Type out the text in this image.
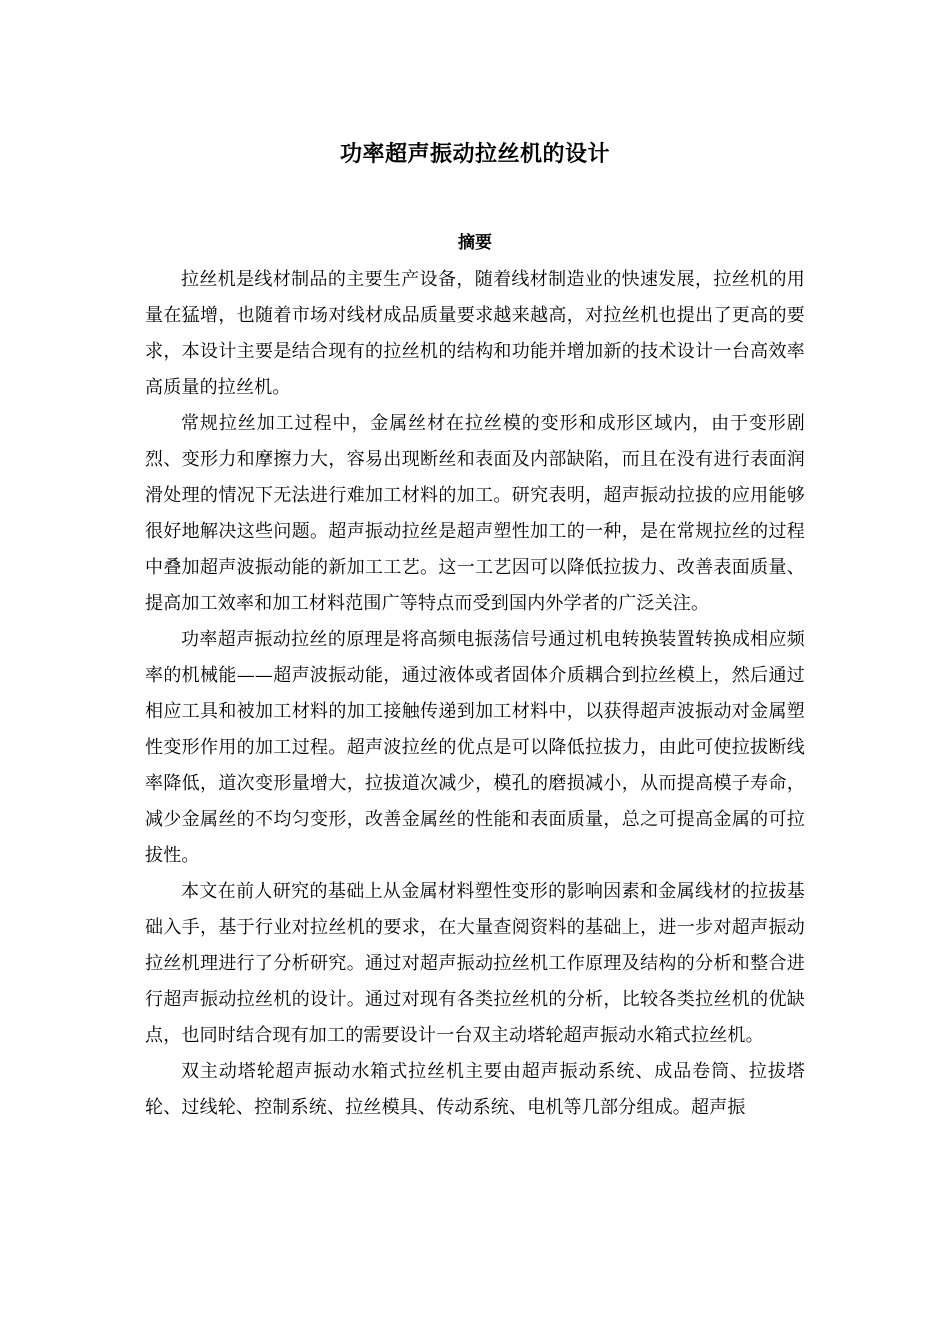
功率超声振动拉丝机的设计
摘要

拉丝机是线材制品的主要生产设备，随着线材制造业的快速发展，拉丝机的用量在猛增，也随着市场对线材成品质量要求越来越高，对拉丝机也提出了更高的要求，本设计主要是结合现有的拉丝机的结构和功能并增加新的技术设计一台高效率高质量的拉丝机。

常规拉丝加工过程中，金属丝材在拉丝模的变形和成形区域内，由于变形剧烈、变形力和摩擦力大，容易出现断丝和表面及内部缺陷，而且在没有进行表面润滑处理的情况下无法进行难加工材料的加工。研究表明，超声振动拉拔的应用能够很好地解决这些问题。超声振动拉丝是超声塑性加工的一种，是在常规拉丝的过程中叠加超声波振动能的新加工工艺。这一工艺因可以降低拉拔力、改善表面质量、提高加工效率和加工材料范围广等特点而受到国内外学者的广泛关注。

功率超声振动拉丝的原理是将高频电振荡信号通过机电转换装置转换成相应频率的机械能——超声波振动能，通过液体或者固体介质耦合到拉丝模上，然后通过相应工具和被加工材料的加工接触传递到加工材料中，以获得超声波振动对金属塑性变形作用的加工过程。超声波拉丝的优点是可以降低拉拔力，由此可使拉拔断线率降低，道次变形量增大，拉拔道次减少，模孔的磨损减小，从而提高模子寿命，减少金属丝的不均匀变形，改善金属丝的性能和表面质量，总之可提高金属的可拉拔性。

本文在前人研究的基础上从金属材料塑性变形的影响因素和金属线材的拉拔基础入手，基于行业对拉丝机的要求，在大量查阅资料的基础上，进一步对超声振动拉丝机理进行了分析研究。通过对超声振动拉丝机工作原理及结构的分析和整合进行超声振动拉丝机的设计。通过对现有各类拉丝机的分析，比较各类拉丝机的优缺点，也同时结合现有加工的需要设计一台双主动塔轮超声振动水箱式拉丝机。

双主动塔轮超声振动水箱式拉丝机主要由超声振动系统、成品卷筒、拉拔塔轮、过线轮、控制系统、拉丝模具、传动系统、电机等几部分组成。超声振
